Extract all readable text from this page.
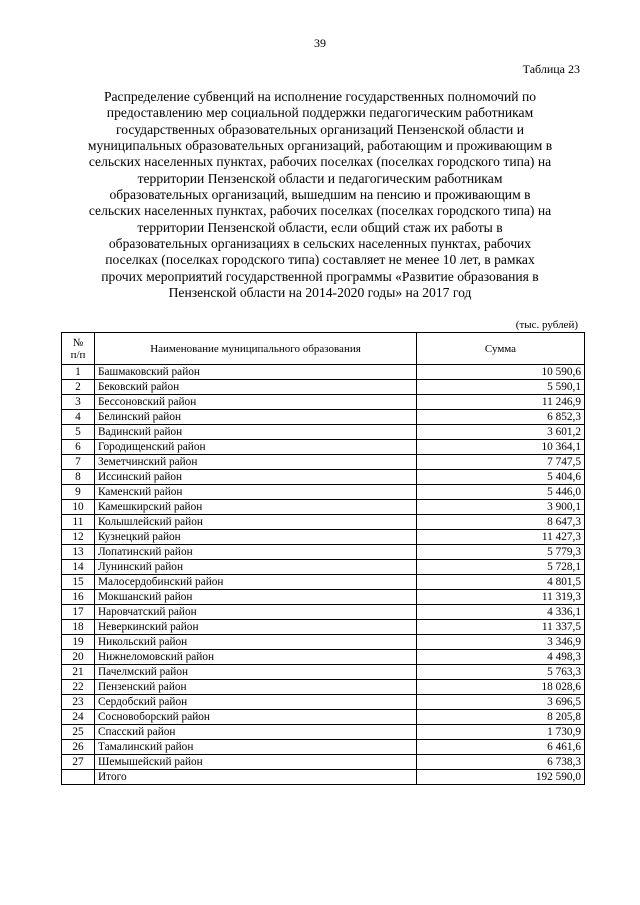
39
Таблица 23
Распределение субвенций на исполнение государственных полномочий по
предоставлению мер социальной поддержки педагогическим работникам
государственных образовательных организаций Пензенской области и
муниципальных образовательных организаций, работающим и проживающим в
сельских населенных пунктах, рабочих поселках (поселках городского типа) на
территории Пензенской области и педагогическим работникам
образовательных организаций, вышедшим на пенсию и проживающим в
сельских населенных пунктах, рабочих поселках (поселках городского типа) на
территории Пензенской области, если общий стаж их работы в
образовательных организациях в сельских населенных пунктах, рабочих
поселках (поселках городского типа) составляет не менее 10 лет, в рамках
прочих мероприятий государственной программы «Развитие образования в
Пензенской области на 2014-2020 годы» на 2017 год
(тыс. рублей)
№
п/п	Наименование муниципального образования	Сумма
1	Башмаковский район	10 590,6
2	Бековский район	5 590,1
3	Бессоновский район	11 246,9
4	Белинский район	6 852,3
5	Вадинский район	3 601,2
6	Городищенский район	10 364,1
7	Земетчинский район	7 747,5
8	Иссинский район	5 404,6
9	Каменский район	5 446,0
10	Камешкирский район	3 900,1
11	Колышлейский район	8 647,3
12	Кузнецкий район	11 427,3
13	Лопатинский район	5 779,3
14	Лунинский район	5 728,1
15	Малосердобинский район	4 801,5
16	Мокшанский район	11 319,3
17	Наровчатский район	4 336,1
18	Неверкинский район	11 337,5
19	Никольский район	3 346,9
20	Нижнеломовский район	4 498,3
21	Пачелмский район	5 763,3
22	Пензенский район	18 028,6
23	Сердобский район	3 696,5
24	Сосновоборский район	8 205,8
25	Спасский район	1 730,9
26	Тамалинский район	6 461,6
27	Шемышейский район	6 738,3
	Итого	192 590,0
